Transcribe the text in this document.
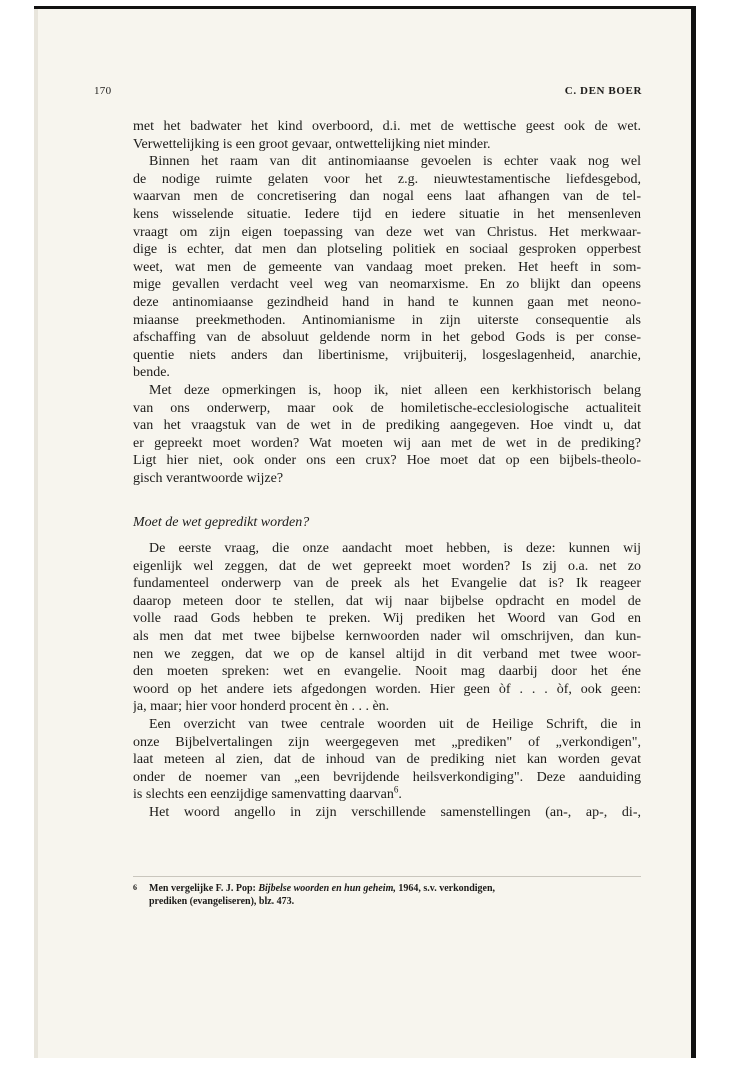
170	C. DEN BOER
met het badwater het kind overboord, d.i. met de wettische geest ook de wet.
Verwettelijking is een groot gevaar, ontwettelijking niet minder.
Binnen het raam van dit antinomiaanse gevoelen is echter vaak nog wel
de nodige ruimte gelaten voor het z.g. nieuwtestamentische liefdesgebod,
waarvan men de concretisering dan nogal eens laat afhangen van de tel-
kens wisselende situatie. Iedere tijd en iedere situatie in het mensenleven
vraagt om zijn eigen toepassing van deze wet van Christus. Het merkwaar-
dige is echter, dat men dan plotseling politiek en sociaal gesproken opperbest
weet, wat men de gemeente van vandaag moet preken. Het heeft in som-
mige gevallen verdacht veel weg van neomarxisme. En zo blijkt dan opeens
deze antinomiaanse gezindheid hand in hand te kunnen gaan met neono-
miaanse preekmethoden. Antinomianisme in zijn uiterste consequentie als
afschaffing van de absoluut geldende norm in het gebod Gods is per conse-
quentie niets anders dan libertinisme, vrijbuiterij, losgeslagenheid, anarchie,
bende.
Met deze opmerkingen is, hoop ik, niet alleen een kerkhistorisch belang
van ons onderwerp, maar ook de homiletische-ecclesiologische actualiteit
van het vraagstuk van de wet in de prediking aangegeven. Hoe vindt u, dat
er gepreekt moet worden? Wat moeten wij aan met de wet in de prediking?
Ligt hier niet, ook onder ons een crux? Hoe moet dat op een bijbels-theolo-
gisch verantwoorde wijze?
Moet de wet gepredikt worden?
De eerste vraag, die onze aandacht moet hebben, is deze: kunnen wij
eigenlijk wel zeggen, dat de wet gepreekt moet worden? Is zij o.a. net zo
fundamenteel onderwerp van de preek als het Evangelie dat is? Ik reageer
daarop meteen door te stellen, dat wij naar bijbelse opdracht en model de
volle raad Gods hebben te preken. Wij prediken het Woord van God en
als men dat met twee bijbelse kernwoorden nader wil omschrijven, dan kun-
nen we zeggen, dat we op de kansel altijd in dit verband met twee woor-
den moeten spreken: wet en evangelie. Nooit mag daarbij door het éne
woord op het andere iets afgedongen worden. Hier geen òf . . . òf, ook geen:
ja, maar; hier voor honderd procent èn . . . èn.
Een overzicht van twee centrale woorden uit de Heilige Schrift, die in
onze Bijbelvertalingen zijn weergegeven met „prediken" of „verkondigen",
laat meteen al zien, dat de inhoud van de prediking niet kan worden gevat
onder de noemer van „een bevrijdende heilsverkondiging". Deze aanduiding
is slechts een eenzijdige samenvatting daarvan$^6$.
Het woord angello in zijn verschillende samenstellingen (an-, ap-, di-,
6 Men vergelijke F. J. Pop: Bijbelse woorden en hun geheim, 1964, s.v. verkondigen,
prediken (evangeliseren), blz. 473.
